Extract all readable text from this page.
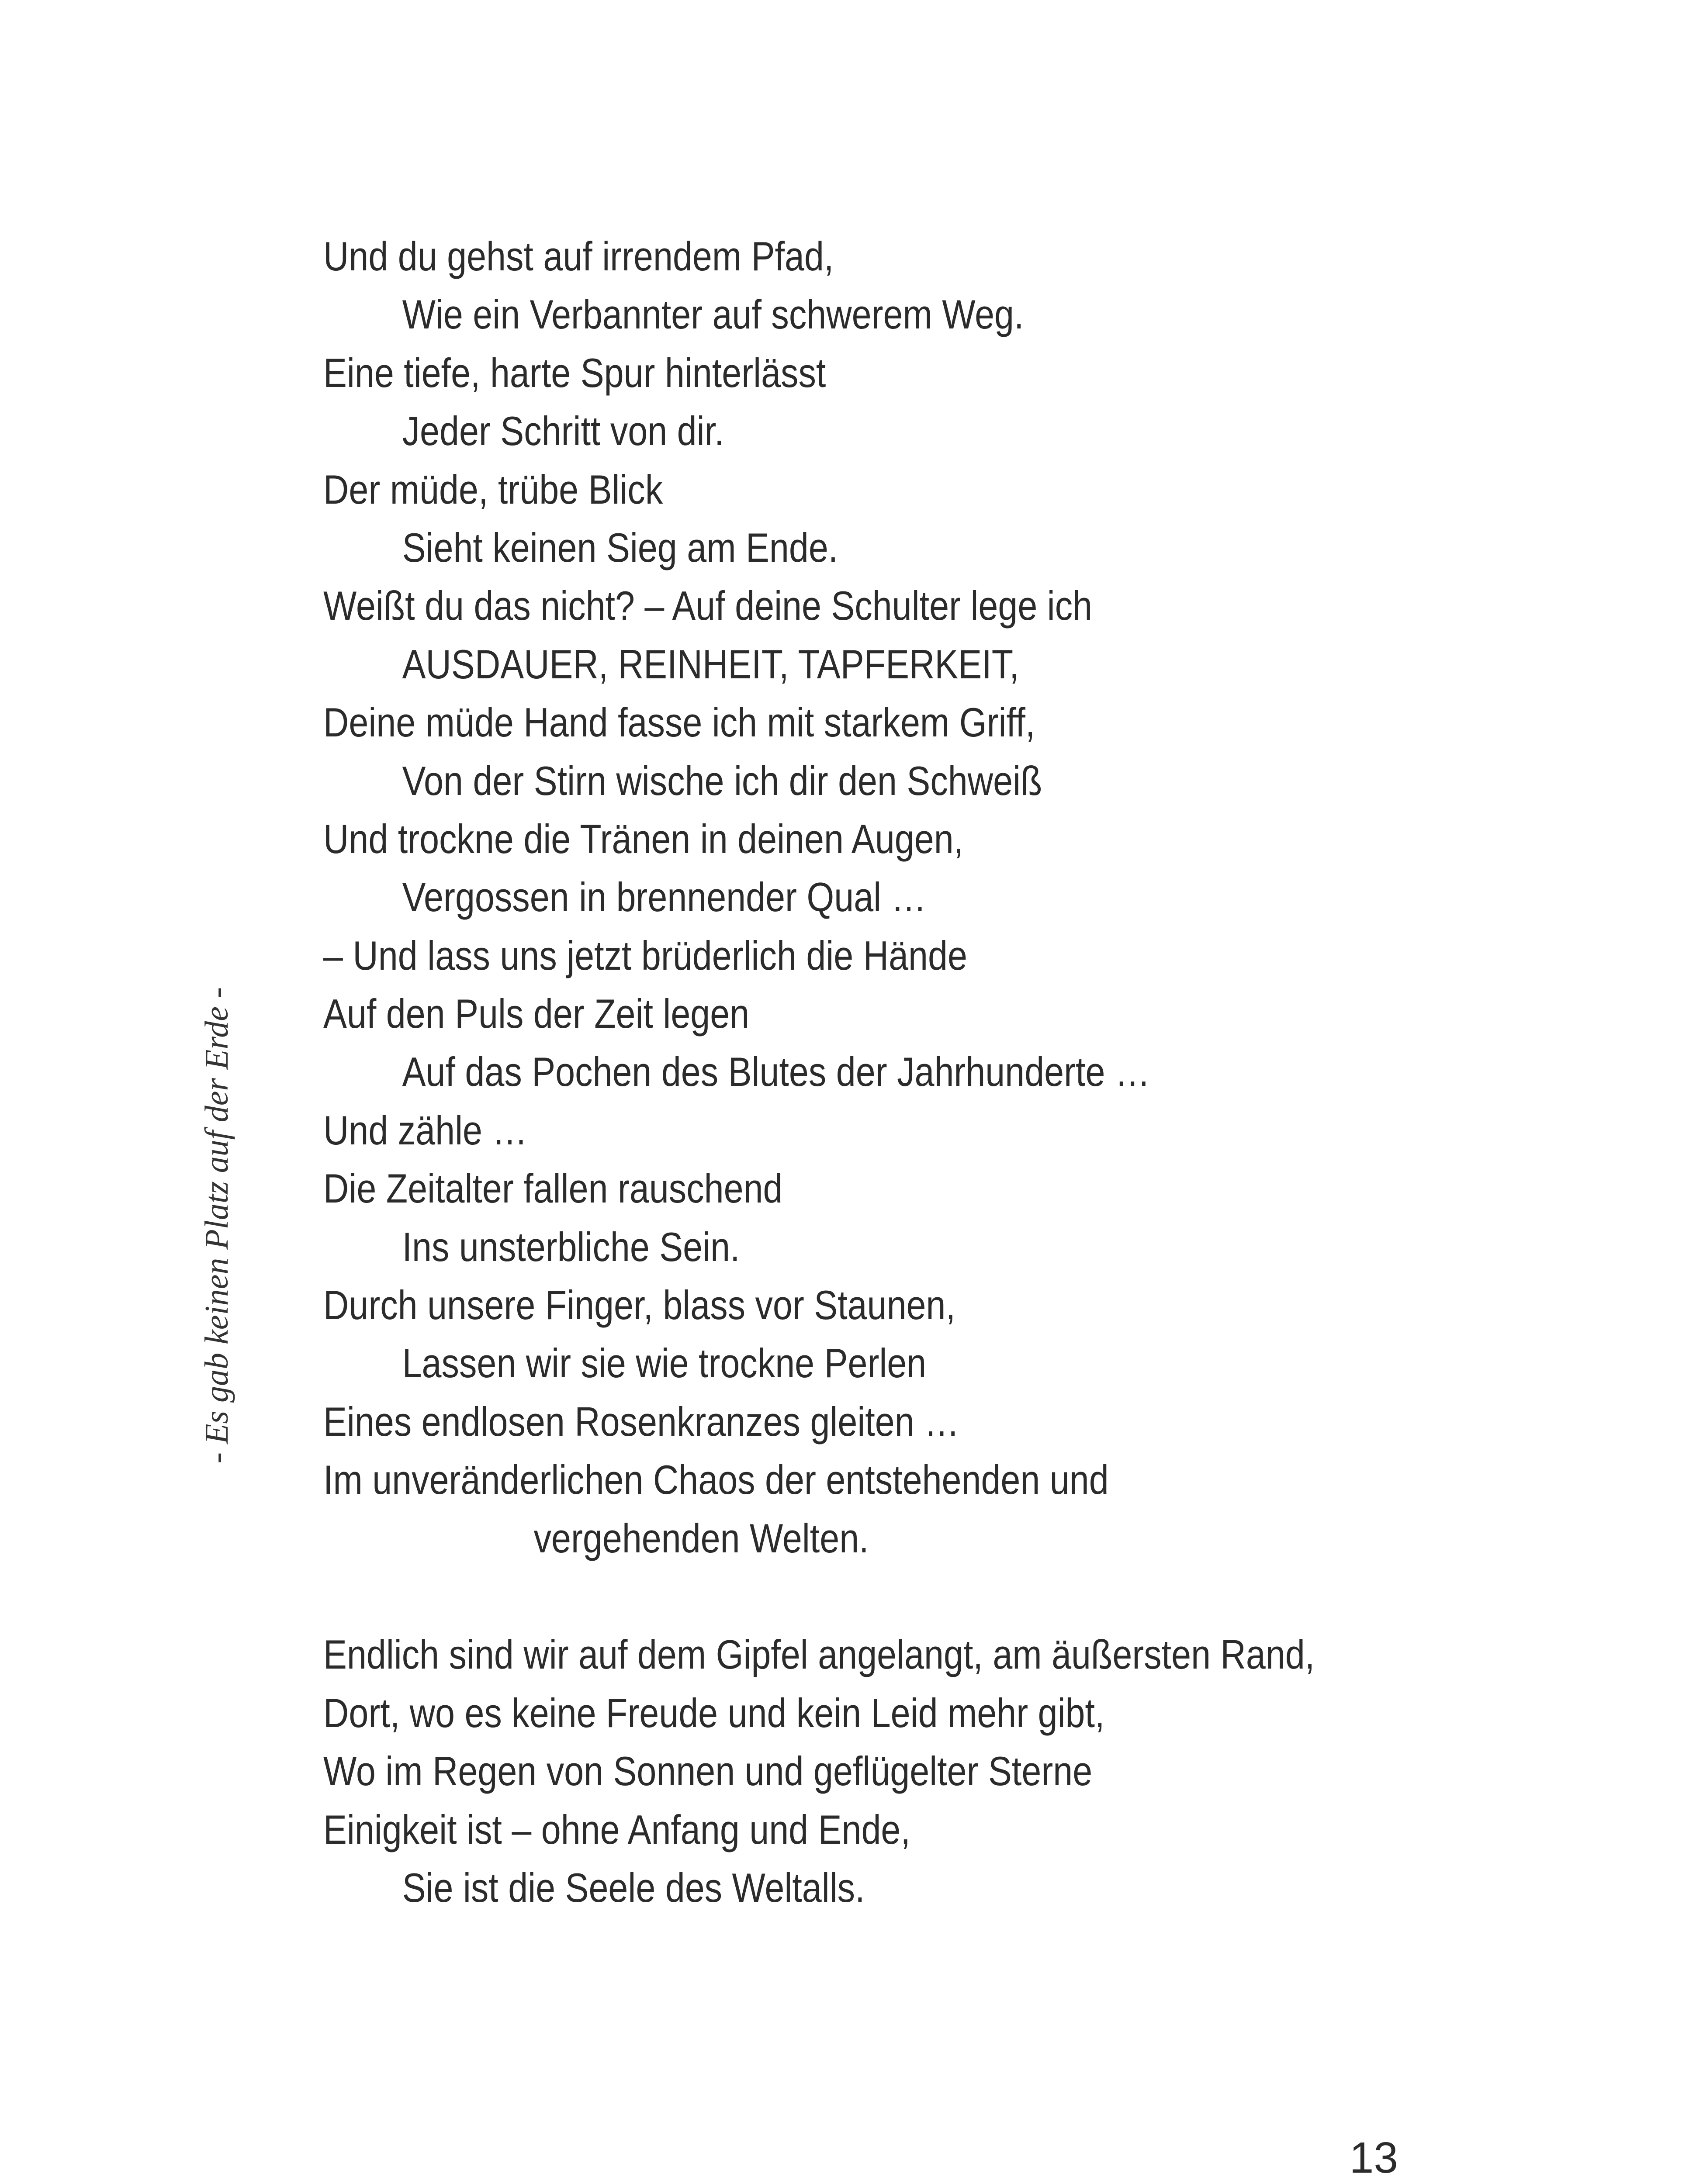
- Es gab keinen Platz auf der Erde -
Und du gehst auf irrendem Pfad,
Wie ein Verbannter auf schwerem Weg.
Eine tiefe, harte Spur hinterlässt
Jeder Schritt von dir.
Der müde, trübe Blick
Sieht keinen Sieg am Ende.
Weißt du das nicht? – Auf deine Schulter lege ich
AUSDAUER, REINHEIT, TAPFERKEIT,
Deine müde Hand fasse ich mit starkem Griff,
Von der Stirn wische ich dir den Schweiß
Und trockne die Tränen in deinen Augen,
Vergossen in brennender Qual …
– Und lass uns jetzt brüderlich die Hände
Auf den Puls der Zeit legen
Auf das Pochen des Blutes der Jahrhunderte …
Und zähle …
Die Zeitalter fallen rauschend
Ins unsterbliche Sein.
Durch unsere Finger, blass vor Staunen,
Lassen wir sie wie trockne Perlen
Eines endlosen Rosenkranzes gleiten …
Im unveränderlichen Chaos der entstehenden und
vergehenden Welten.
Endlich sind wir auf dem Gipfel angelangt, am äußersten Rand,
Dort, wo es keine Freude und kein Leid mehr gibt,
Wo im Regen von Sonnen und geflügelter Sterne
Einigkeit ist – ohne Anfang und Ende,
Sie ist die Seele des Weltalls.
13
